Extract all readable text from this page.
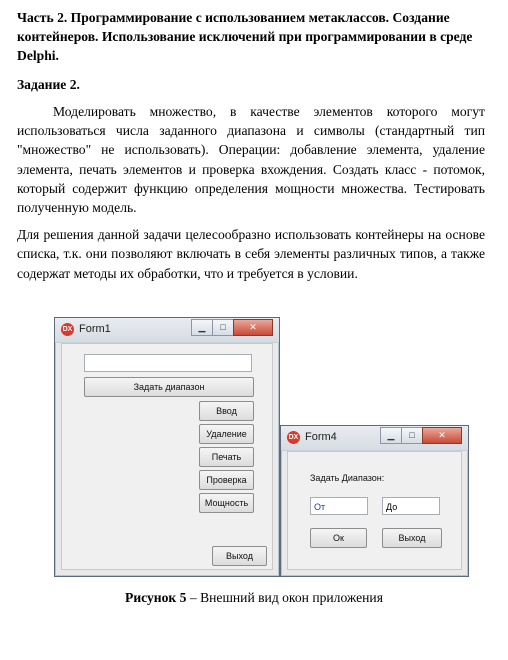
Часть 2. Программирование с использованием метаклассов. Создание контейнеров. Использование исключений при программировании в среде Delphi.
Задание 2.

Моделировать множество, в качестве элементов которого могут использоваться числа заданного диапазона и символы (стандартный тип "множество" не использовать). Операции: добавление элемента, удаление элемента, печать элементов и проверка вхождения. Создать класс - потомок, который содержит функцию определения мощности множества. Тестировать полученную модель.

Для решения данной задачи целесообразно использовать контейнеры на основе списка, т.к. они позволяют включать в себя элементы различных типов, а также содержат методы их обработки, что и требуется в условии.

DX Form1	▁	□	✕
Задать диапазон
Ввод
Удаление
Печать
Проверка
Мощность
Выход
DX Form4	▁	□	✕
Задать Диапазон:
От	До
Ок	Выход
Рисунок 5 – Внешний вид окон приложения
